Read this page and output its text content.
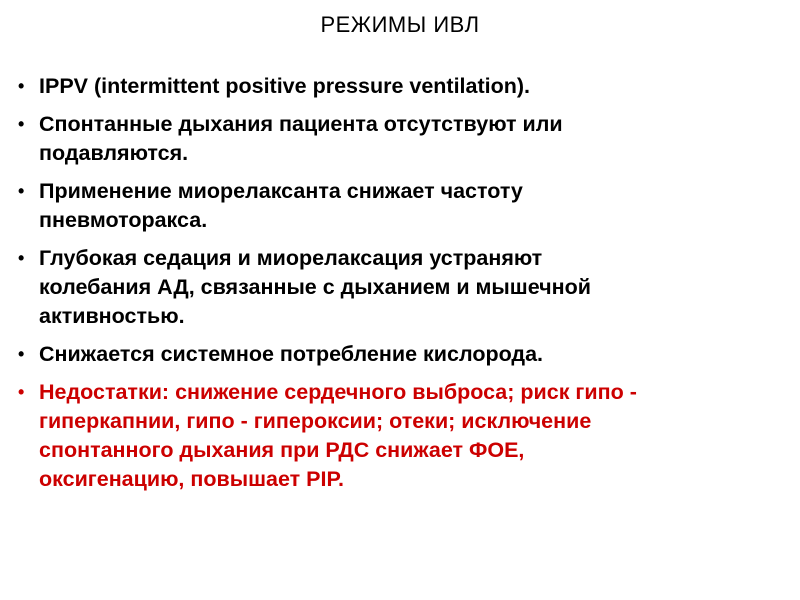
РЕЖИМЫ ИВЛ
• IPPV (intermittent positive pressure ventilation).
• Спонтанные дыхания пациента отсутствуют или
подавляются.
• Применение миорелаксанта снижает частоту
пневмоторакса.
• Глубокая седация и миорелаксация устраняют
колебания АД, связанные с дыханием и мышечной
активностью.
• Снижается системное потребление кислорода.
• Недостатки: снижение сердечного выброса; риск гипо -
гиперкапнии, гипо - гипероксии; отеки; исключение
спонтанного дыхания при РДС снижает ФОЕ,
оксигенацию, повышает PIP.
